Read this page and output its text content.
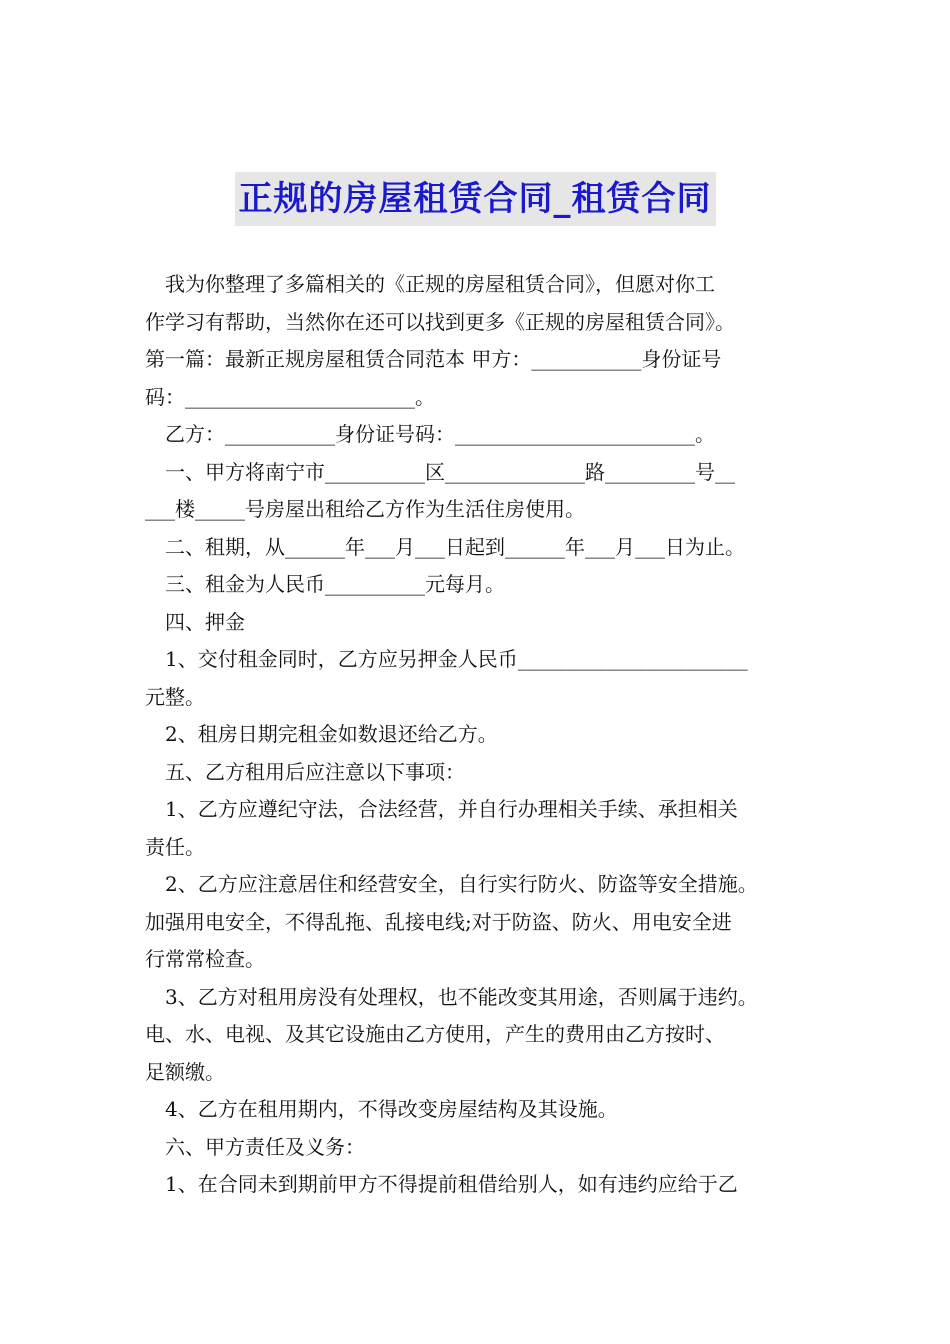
正规的房屋租赁合同_租赁合同

我为你整理了多篇相关的《正规的房屋租赁合同》，但愿对你工

作学习有帮助，当然你在还可以找到更多《正规的房屋租赁合同》。

第一篇：最新正规房屋租赁合同范本 甲方：___________身份证号

码：_______________________。

乙方：___________身份证号码：________________________。

一、甲方将南宁市__________区______________路_________号__

___楼_____号房屋出租给乙方作为生活住房使用。

二、租期，从______年___月___日起到______年___月___日为止。

三、租金为人民币__________元每月。

四、押金

1、交付租金同时，乙方应另押金人民币_______________________

元整。

2、租房日期完租金如数退还给乙方。

五、乙方租用后应注意以下事项：

1、乙方应遵纪守法，合法经营，并自行办理相关手续、承担相关

责任。

2、乙方应注意居住和经营安全，自行实行防火、防盗等安全措施。

加强用电安全，不得乱拖、乱接电线;对于防盗、防火、用电安全进

行常常检查。

3、乙方对租用房没有处理权，也不能改变其用途，否则属于违约。

电、水、电视、及其它设施由乙方使用，产生的费用由乙方按时、

足额缴。

4、乙方在租用期内，不得改变房屋结构及其设施。

六、甲方责任及义务：

1、在合同未到期前甲方不得提前租借给别人，如有违约应给于乙
